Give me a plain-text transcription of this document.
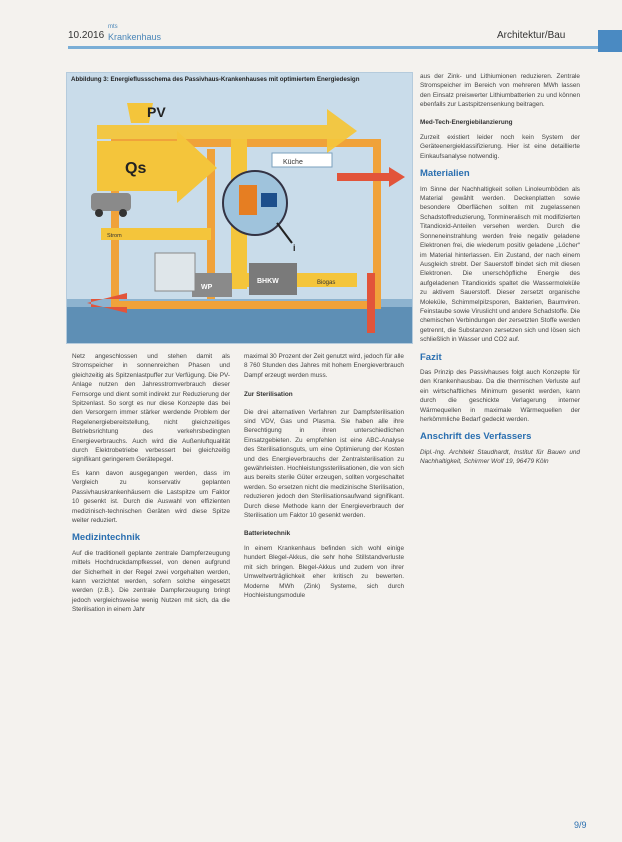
10.2016
mts
Krankenhaus	Architektur/Bau
Abbildung 3: Energieflussschema des Passivhaus-Krankenhauses mit optimiertem Energiedesign
PV
Qs	Küche
Strom
Biogas
BHKW
WP
i

Netz angeschlossen und stehen damit als Stromspeicher in sonnenreichen Phasen und gleichzeitig als Spitzenlastpuffer zur Verfügung. Die PV-Anlage nutzen den Jahresstromverbrauch dieser Fernsorge und dient somit indirekt zur Reduzierung der Spitzenlast. So sorgt es nur diese Konzepte das bei den Versorgern immer stärker werdende Problem der Regelenergiebereitstellung, nicht gleichzeitiges Betriebsrichtung des verkehrsbedingten Energieverbrauchs. Auch wird die Außenluftqualität durch Elektrobetriebe verbessert bei gleichzeitig signifikant geringerem Gerätepegel.

Es kann davon ausgegangen werden, dass im Vergleich zu konservativ geplanten Passivhauskrankenhäusern die Lastspitze um Faktor 10 gesenkt ist. Durch die Auswahl von effizienten medizinisch-technischen Geräten wird diese Spitze weiter reduziert.

Medizintechnik

Auf die traditionell geplante zentrale Dampferzeugung mittels Hochdruckdampfkessel, von denen aufgrund der Sicherheit in der Regel zwei vorgehalten werden, kann verzichtet werden, sofern solche eingesetzt werden (z.B.). Die zentrale Dampferzeugung bringt jedoch vergleichsweise wenig Nutzen mit sich, da die Sterilisation in einem Jahr

maximal 30 Prozent der Zeit genutzt wird, jedoch für alle 8 760 Stunden des Jahres mit hohem Energieverbrauch Dampf erzeugt werden muss.

Zur Sterilisation

Die drei alternativen Verfahren zur Dampfsterilisation sind VDV, Gas und Plasma. Sie haben alle ihre Berechtigung in ihren unterschiedlichen Einsatzgebieten. Zu empfehlen ist eine ABC-Analyse des Sterilisationsguts, um eine Optimierung der Kosten und des Energieverbrauchs der Zentralsterilisation zu gewährleisten. Hochleistungssterilisationen, die von sich aus bereits sterile Güter erzeugen, sollten vorgeschaltet werden. So ersetzen nicht die medizinische Sterilisation, reduzieren jedoch den Sterilisationsaufwand signifikant. Durch diese Methode kann der Energieverbrauch der Sterilisation um Faktor 10 gesenkt werden.

Batterietechnik

In einem Krankenhaus befinden sich wohl einige hundert Blegel-Akkus, die sehr hohe Stillstandverluste mit sich bringen. Blegel-Akkus und zudem von ihrer Umweltverträglichkeit eher kritisch zu bewerten. Moderne MWh (Zink) Systeme, sich durch Hochleistungsmodule

aus der Zink- und Lithiumionen reduzieren. Zentrale Stromspeicher im Bereich von mehreren MWh lassen den Einsatz preiswerter Lithiumbatterien zu und können ebenfalls zur Lastspitzensenkung beitragen.

Med-Tech-Energiebilanzierung

Zurzeit existiert leider noch kein System der Geräteenergieklassifizierung. Hier ist eine detaillierte Einkaufsanalyse notwendig.

Materialien

Im Sinne der Nachhaltigkeit sollen Linoleumböden als Material gewählt werden. Deckenplatten sowie besondere Oberflächen sollten mit zugelassenen Schadstoffreduzierung, Tonmineralisch mit modifizierten Titandioxid-Anteilen versehen werden. Durch die Sonneneinstrahlung werden freie negativ geladene Elektronen frei, die wiederum positiv geladene „Löcher“ im Material hinterlassen. Ein Zustand, der nach einem Ausgleich strebt. Der Sauerstoff bindet sich mit diesen Elektronen. Die unerschöpfliche Energie des aufgeladenen Titandioxids spaltet die Wassermoleküle zu aktivem Sauerstoff. Dieser zersetzt organische Moleküle, Schimmelpilzsporen, Bakterien, Baumviren. Feinstaube sowie Viruslicht und andere Schadstoffe. Die chemischen Verbindungen der zersetzten Stoffe werden getrennt, die Substanzen zersetzen sich und lösen sich schließlich in Wasser und CO2 auf.

Fazit

Das Prinzip des Passivhauses folgt auch Konzepte für den Krankenhausbau. Da die thermischen Verluste auf ein wirtschaftliches Minimum gesenkt werden, kann durch die geschickte Verlagerung interner Wärmequellen in maximale Wärmequellen der herkömmliche Bedarf gedeckt werden.

Anschrift des Verfassers

Dipl.-Ing. Architekt Staudhardt, Institut für Bauen und Nachhaltigkeit, Schirmer Wolf 19, 96479 Köln

9/9
